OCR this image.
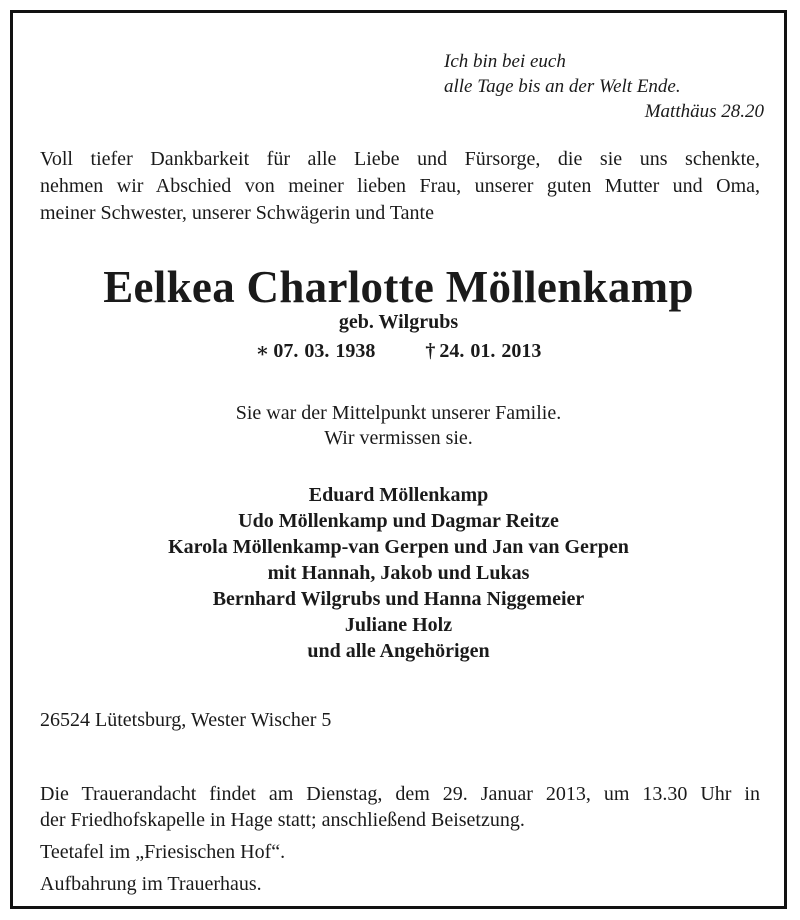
Ich bin bei euch
alle Tage bis an der Welt Ende.
Matthäus 28.20
Voll tiefer Dankbarkeit für alle Liebe und Fürsorge, die sie uns schenkte,
nehmen wir Abschied von meiner lieben Frau, unserer guten Mutter und Oma,
meiner Schwester, unserer Schwägerin und Tante
Eelkea Charlotte Möllenkamp
geb. Wilgrubs
∗ 07. 03. 1938	† 24. 01. 2013
Sie war der Mittelpunkt unserer Familie.
Wir vermissen sie.
Eduard Möllenkamp
Udo Möllenkamp und Dagmar Reitze
Karola Möllenkamp-van Gerpen und Jan van Gerpen
mit Hannah, Jakob und Lukas
Bernhard Wilgrubs und Hanna Niggemeier
Juliane Holz
und alle Angehörigen
26524 Lütetsburg, Wester Wischer 5
Die Trauerandacht findet am Dienstag, dem 29. Januar 2013, um 13.30 Uhr in
der Friedhofskapelle in Hage statt; anschließend Beisetzung.
Teetafel im „Friesischen Hof“.
Aufbahrung im Trauerhaus.
